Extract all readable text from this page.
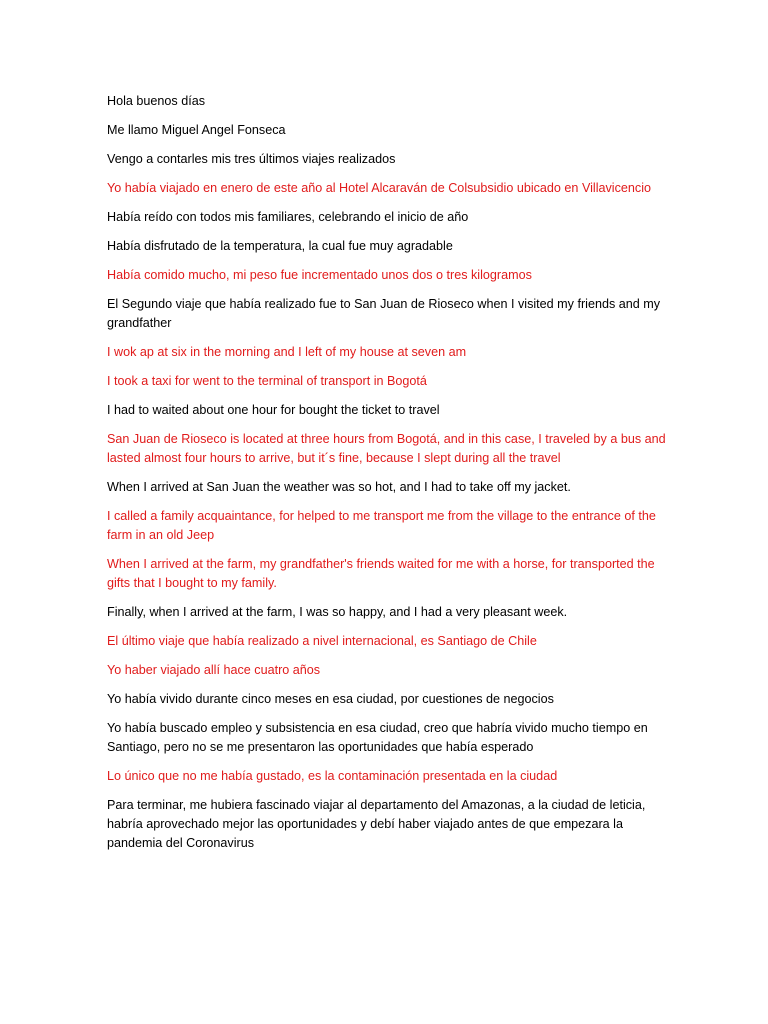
Hola buenos días

Me llamo Miguel Angel Fonseca

Vengo a contarles mis tres últimos viajes realizados

Yo había viajado en enero de este año al Hotel Alcaraván de Colsubsidio ubicado en Villavicencio

Había reído con todos mis familiares, celebrando el inicio de año

Había disfrutado de la temperatura, la cual fue muy agradable

Había comido mucho, mi peso fue incrementado unos dos o tres kilogramos

El Segundo viaje que había realizado fue to San Juan de Rioseco when I visited my friends and my grandfather

I wok ap at six in the morning and I left of my house at seven am

I took a taxi for went to the terminal of transport in Bogotá

I had to waited about one hour for bought the ticket to travel

San Juan de Rioseco is located at three hours from Bogotá, and in this case, I traveled by a bus and lasted almost four hours to arrive, but it´s fine, because I slept during all the travel

When I arrived at San Juan the weather was so hot, and I had to take off my jacket.

I called a family acquaintance, for helped to me transport me from the village to the entrance of the farm in an old Jeep

When I arrived at the farm, my grandfather's friends waited for me with a horse, for transported the gifts that I bought to my family.

Finally, when I arrived at the farm, I was so happy, and I had a very pleasant week.

El último viaje que había realizado a nivel internacional, es Santiago de Chile

Yo haber viajado allí hace cuatro años

Yo había vivido durante cinco meses en esa ciudad, por cuestiones de negocios

Yo había buscado empleo y subsistencia en esa ciudad, creo que habría vivido mucho tiempo en Santiago, pero no se me presentaron las oportunidades que había esperado

Lo único que no me había gustado, es la contaminación presentada en la ciudad

Para terminar, me hubiera fascinado viajar al departamento del Amazonas, a la ciudad de leticia, habría aprovechado mejor las oportunidades y debí haber viajado antes de que empezara la pandemia del Coronavirus
